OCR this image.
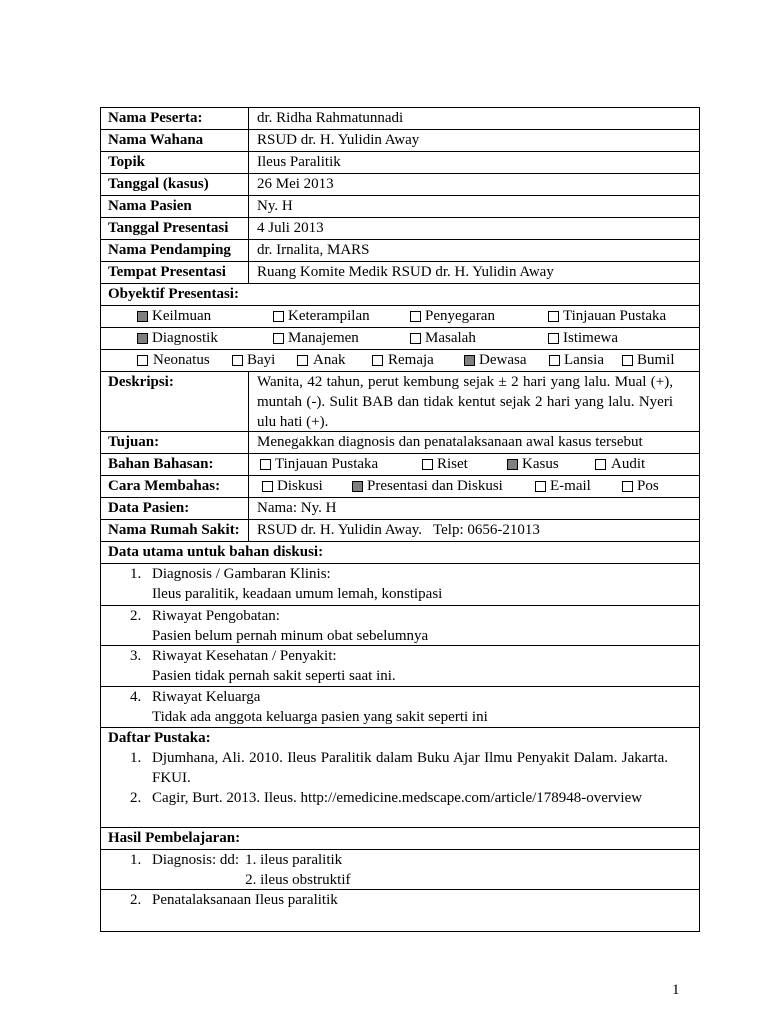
Nama Peserta:	dr. Ridha Rahmatunnadi
Nama Wahana	RSUD dr. H. Yulidin Away
Topik	Ileus Paralitik
Tanggal (kasus)	26 Mei 2013
Nama Pasien	Ny. H
Tanggal Presentasi	4 Juli 2013
Nama Pendamping	dr. Irnalita, MARS
Tempat Presentasi	Ruang Komite Medik RSUD dr. H. Yulidin Away
Obyektif Presentasi:
Keilmuan	Keterampilan	Penyegaran	Tinjauan Pustaka
Diagnostik	Manajemen	Masalah	Istimewa
Neonatus Bayi	Anak	Remaja	Dewasa	Lansia Bumil
Deskripsi:	Wanita, 42 tahun, perut kembung sejak ± 2 hari yang lalu. Mual (+), muntah (-). Sulit BAB dan tidak kentut sejak 2 hari yang lalu. Nyeri ulu hati (+).
Tujuan:	Menegakkan diagnosis dan penatalaksanaan awal kasus tersebut
Bahan Bahasan:	Tinjauan Pustaka	Riset	Kasus	Audit
Cara Membahas:	Diskusi	Presentasi dan Diskusi	E-mail	Pos
Data Pasien:	Nama: Ny. H
Nama Rumah Sakit:	RSUD dr. H. Yulidin Away.   Telp: 0656-21013
Data utama untuk bahan diskusi:
1. Diagnosis / Gambaran Klinis:
Ileus paralitik, keadaan umum lemah, konstipasi
2. Riwayat Pengobatan:
Pasien belum pernah minum obat sebelumnya
3. Riwayat Kesehatan / Penyakit:
Pasien tidak pernah sakit seperti saat ini.
4. Riwayat Keluarga
Tidak ada anggota keluarga pasien yang sakit seperti ini
Daftar Pustaka:
1. Djumhana, Ali. 2010. Ileus Paralitik dalam Buku Ajar Ilmu Penyakit Dalam. Jakarta. FKUI.
2. Cagir, Burt. 2013. Ileus. http://emedicine.medscape.com/article/178948-overview
Hasil Pembelajaran:
1. Diagnosis: dd: 1. ileus paralitik
2. ileus obstruktif
2. Penatalaksanaan Ileus paralitik
1
